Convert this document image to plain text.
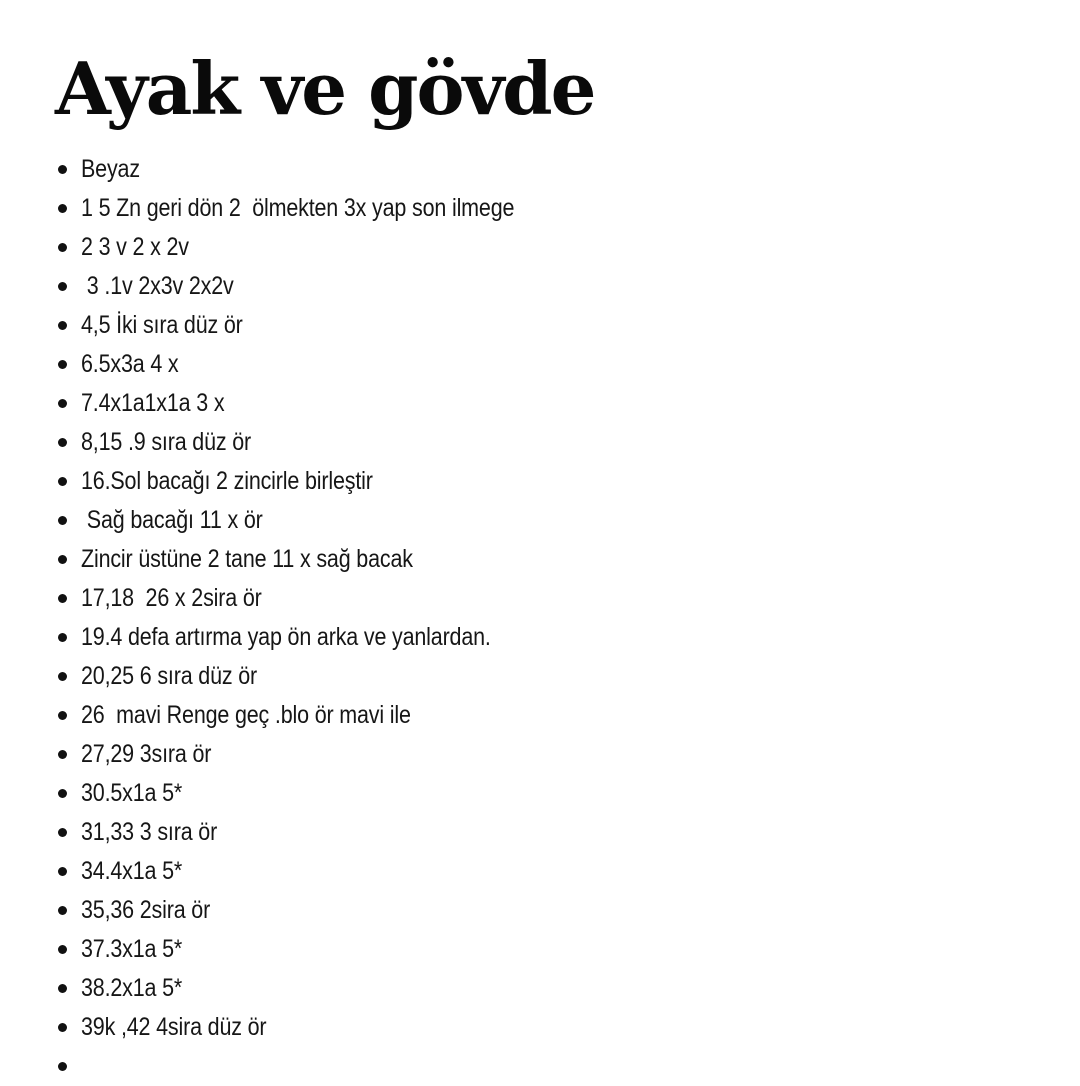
Ayak ve gövde
Beyaz
1 5 Zn geri dön 2  ölmekten 3x yap son ilmege
2 3 v 2 x 2v
3 .1v 2x3v 2x2v
4,5 İki sıra düz ör
6.5x3a 4 x
7.4x1a1x1a 3 x
8,15 .9 sıra düz ör
16.Sol bacağı 2 zincirle birleştir
Sağ bacağı 11 x ör
Zincir üstüne 2 tane 11 x sağ bacak
17,18  26 x 2sira ör
19.4 defa artırma yap ön arka ve yanlardan.
20,25 6 sıra düz ör
26  mavi Renge geç .blo ör mavi ile
27,29 3sıra ör
30.5x1a 5*
31,33 3 sıra ör
34.4x1a 5*
35,36 2sira ör
37.3x1a 5*
38.2x1a 5*
39k ,42 4sira düz ör
